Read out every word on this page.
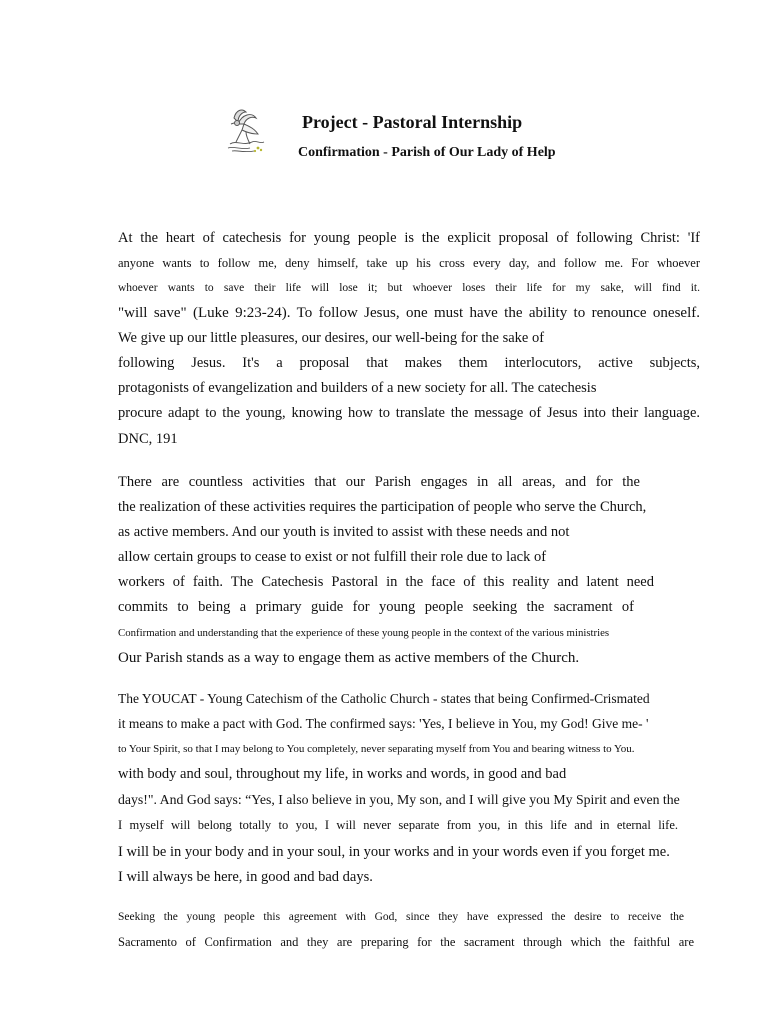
Project - Pastoral Internship
Confirmation - Parish of Our Lady of Help
At the heart of catechesis for young people is the explicit proposal of following Christ: 'If
anyone wants to follow me, deny himself, take up his cross every day, and follow me. For whoever
whoever wants to save their life will lose it; but whoever loses their life for my sake, will find it.
"will save" (Luke 9:23-24). To follow Jesus, one must have the ability to renounce oneself.
We give up our little pleasures, our desires, our well-being for the sake of
following Jesus. It's a proposal that makes them interlocutors, active subjects,
protagonists of evangelization and builders of a new society for all. The catechesis
procure adapt to the young, knowing how to translate the message of Jesus into their language.
DNC, 191
There are countless activities that our Parish engages in all areas, and for the
the realization of these activities requires the participation of people who serve the Church,
as active members. And our youth is invited to assist with these needs and not
allow certain groups to cease to exist or not fulfill their role due to lack of
workers of faith. The Catechesis Pastoral in the face of this reality and latent need
commits to being a primary guide for young people seeking the sacrament of
Confirmation and understanding that the experience of these young people in the context of the various ministries
Our Parish stands as a way to engage them as active members of the Church.
The YOUCAT - Young Catechism of the Catholic Church - states that being Confirmed-Crismated
it means to make a pact with God. The confirmed says: 'Yes, I believe in You, my God! Give me- '
to Your Spirit, so that I may belong to You completely, never separating myself from You and bearing witness to You.
with body and soul, throughout my life, in works and words, in good and bad
days!". And God says: “Yes, I also believe in you, My son, and I will give you My Spirit and even the
I myself will belong totally to you, I will never separate from you, in this life and in eternal life.
I will be in your body and in your soul, in your works and in your words even if you forget me.
I will always be here, in good and bad days.
Seeking the young people this agreement with God, since they have expressed the desire to receive the
Sacramento of Confirmation and they are preparing for the sacrament through which the faithful are
